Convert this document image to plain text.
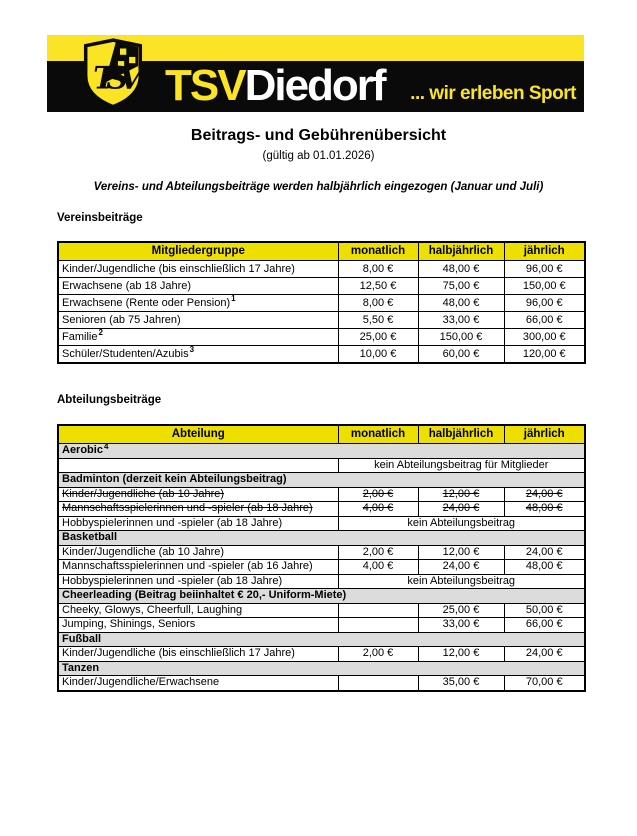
TSVDiedorf ... wir erleben Sport
TSV
Beitrags- und Gebührenübersicht
(gültig ab 01.01.2026)
Vereins- und Abteilungsbeiträge werden halbjährlich eingezogen (Januar und Juli)
Vereinsbeiträge
Abteilungsbeiträge
Mitgliedergruppe	monatlich	halbjährlich	jährlich
Kinder/Jugendliche (bis einschließlich 17 Jahre)	8,00 €	48,00 €	96,00 €
Erwachsene (ab 18 Jahre)	12,50 €	75,00 €	150,00 €
Erwachsene (Rente oder Pension)$^1$	8,00 €	48,00 €	96,00 €
Senioren (ab 75 Jahren)	5,50 €	33,00 €	66,00 €
Familie$^2$	25,00 €	150,00 €	300,00 €
Schüler/Studenten/Azubis$^3$	10,00 €	60,00 €	120,00 €
Abteilung	monatlich	halbjährlich	jährlich
Aerobic$^4$
	kein Abteilungsbeitrag für Mitglieder		
Badminton (derzeit kein Abteilungsbeitrag)			
Kinder/Jugendliche (ab 10 Jahre)	2,00 €	12,00 €	24,00 €
Mannschaftsspielerinnen und -spieler (ab 18 Jahre)	4,00 €	24,00 €	48,00 €
Hobbyspielerinnen und -spieler (ab 18 Jahre)	kein Abteilungsbeitrag		
Basketball			
Kinder/Jugendliche (ab 10 Jahre)	2,00 €	12,00 €	24,00 €
Mannschaftsspielerinnen und -spieler (ab 16 Jahre)	4,00 €	24,00 €	48,00 €
Hobbyspielerinnen und -spieler (ab 18 Jahre)	kein Abteilungsbeitrag		
Cheerleading (Beitrag beiinhaltet € 20,- Uniform-Miete)			
Cheeky, Glowys, Cheerfull, Laughing		25,00 €	50,00 €
Jumping, Shinings, Seniors		33,00 €	66,00 €
Fußball			
Kinder/Jugendliche (bis einschließlich 17 Jahre)	2,00 €	12,00 €	24,00 €
Tanzen			
Kinder/Jugendliche/Erwachsene		35,00 €	70,00 €
